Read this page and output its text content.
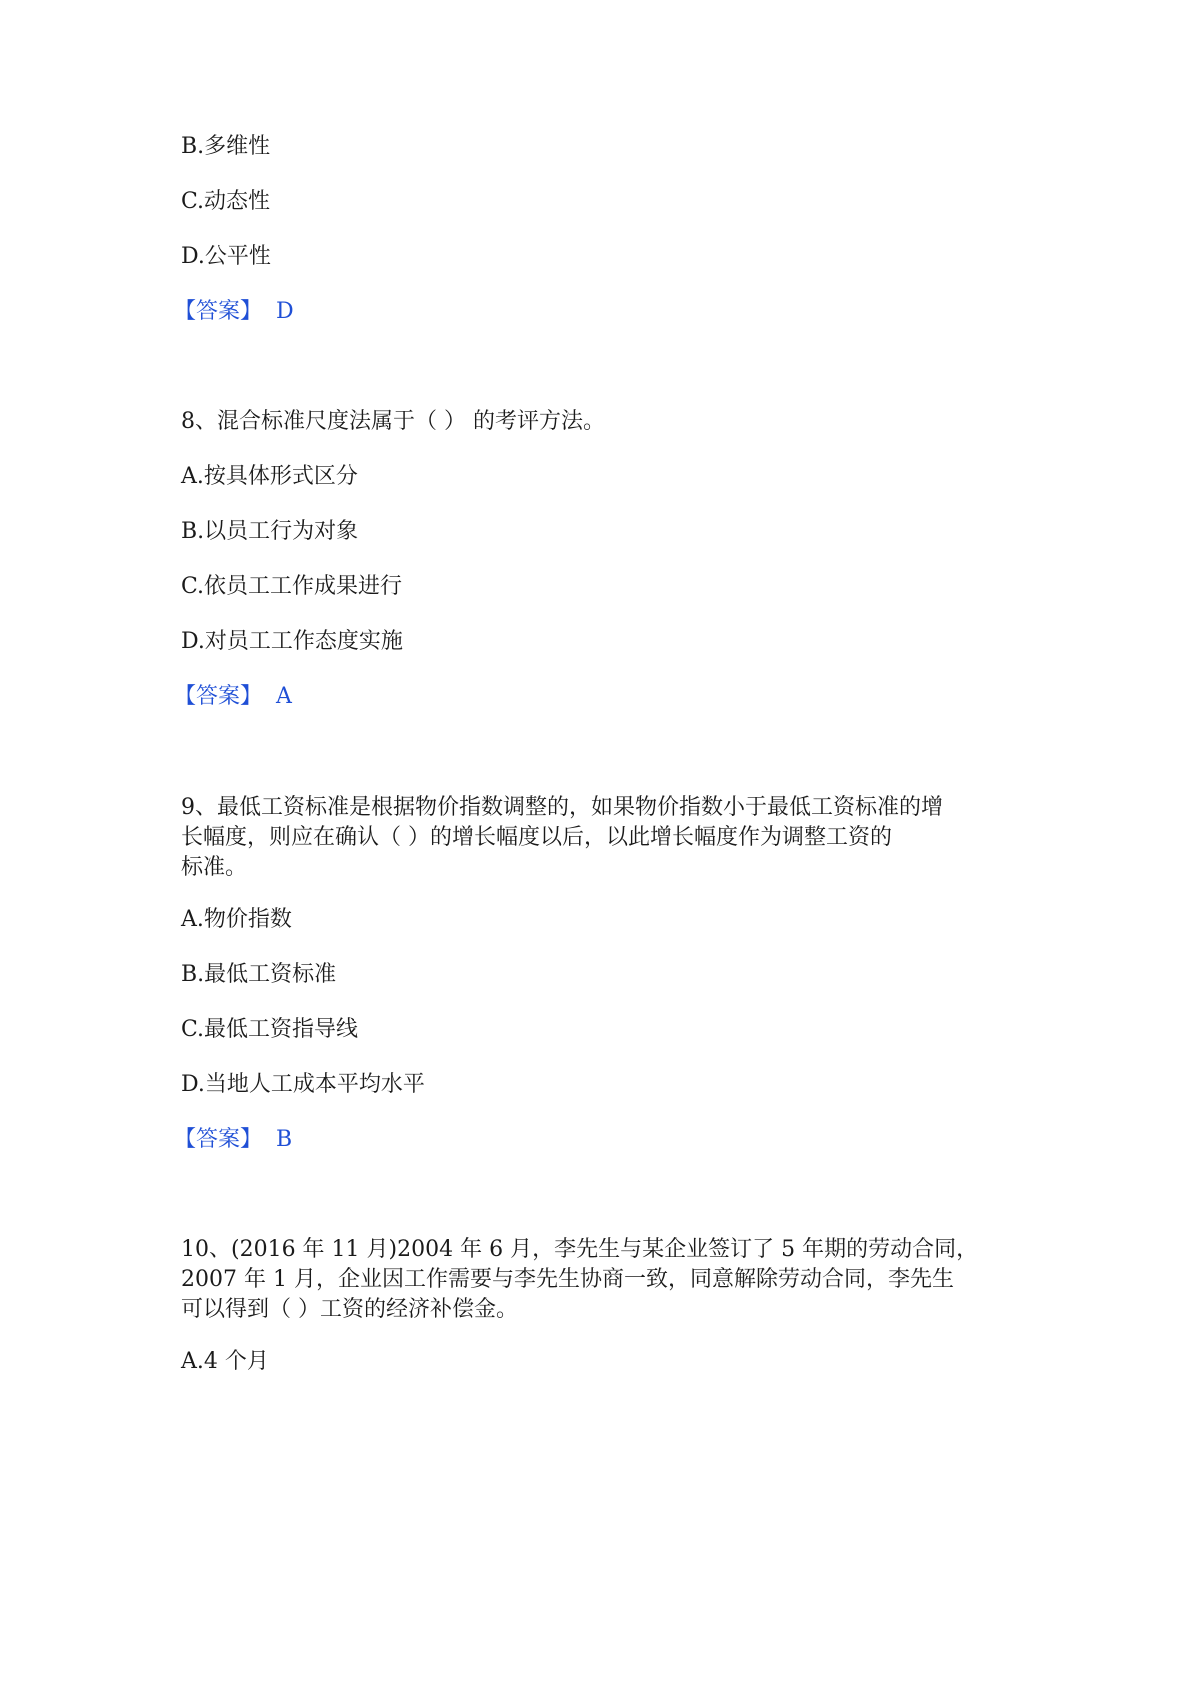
B.多维性
C.动态性
D.公平性
【答案】 D
8、混合标准尺度法属于（ ） 的考评方法。
A.按具体形式区分
B.以员工行为对象
C.依员工工作成果进行
D.对员工工作态度实施
【答案】 A
9、最低工资标准是根据物价指数调整的，如果物价指数小于最低工资标准的增
长幅度，则应在确认（ ）的增长幅度以后，以此增长幅度作为调整工资的
标准。
A.物价指数
B.最低工资标准
C.最低工资指导线
D.当地人工成本平均水平
【答案】 B
10、(2016 年 11 月)2004 年 6 月，李先生与某企业签订了 5 年期的劳动合同，
2007 年 1 月，企业因工作需要与李先生协商一致，同意解除劳动合同，李先生
可以得到（ ）工资的经济补偿金。
A.4 个月
